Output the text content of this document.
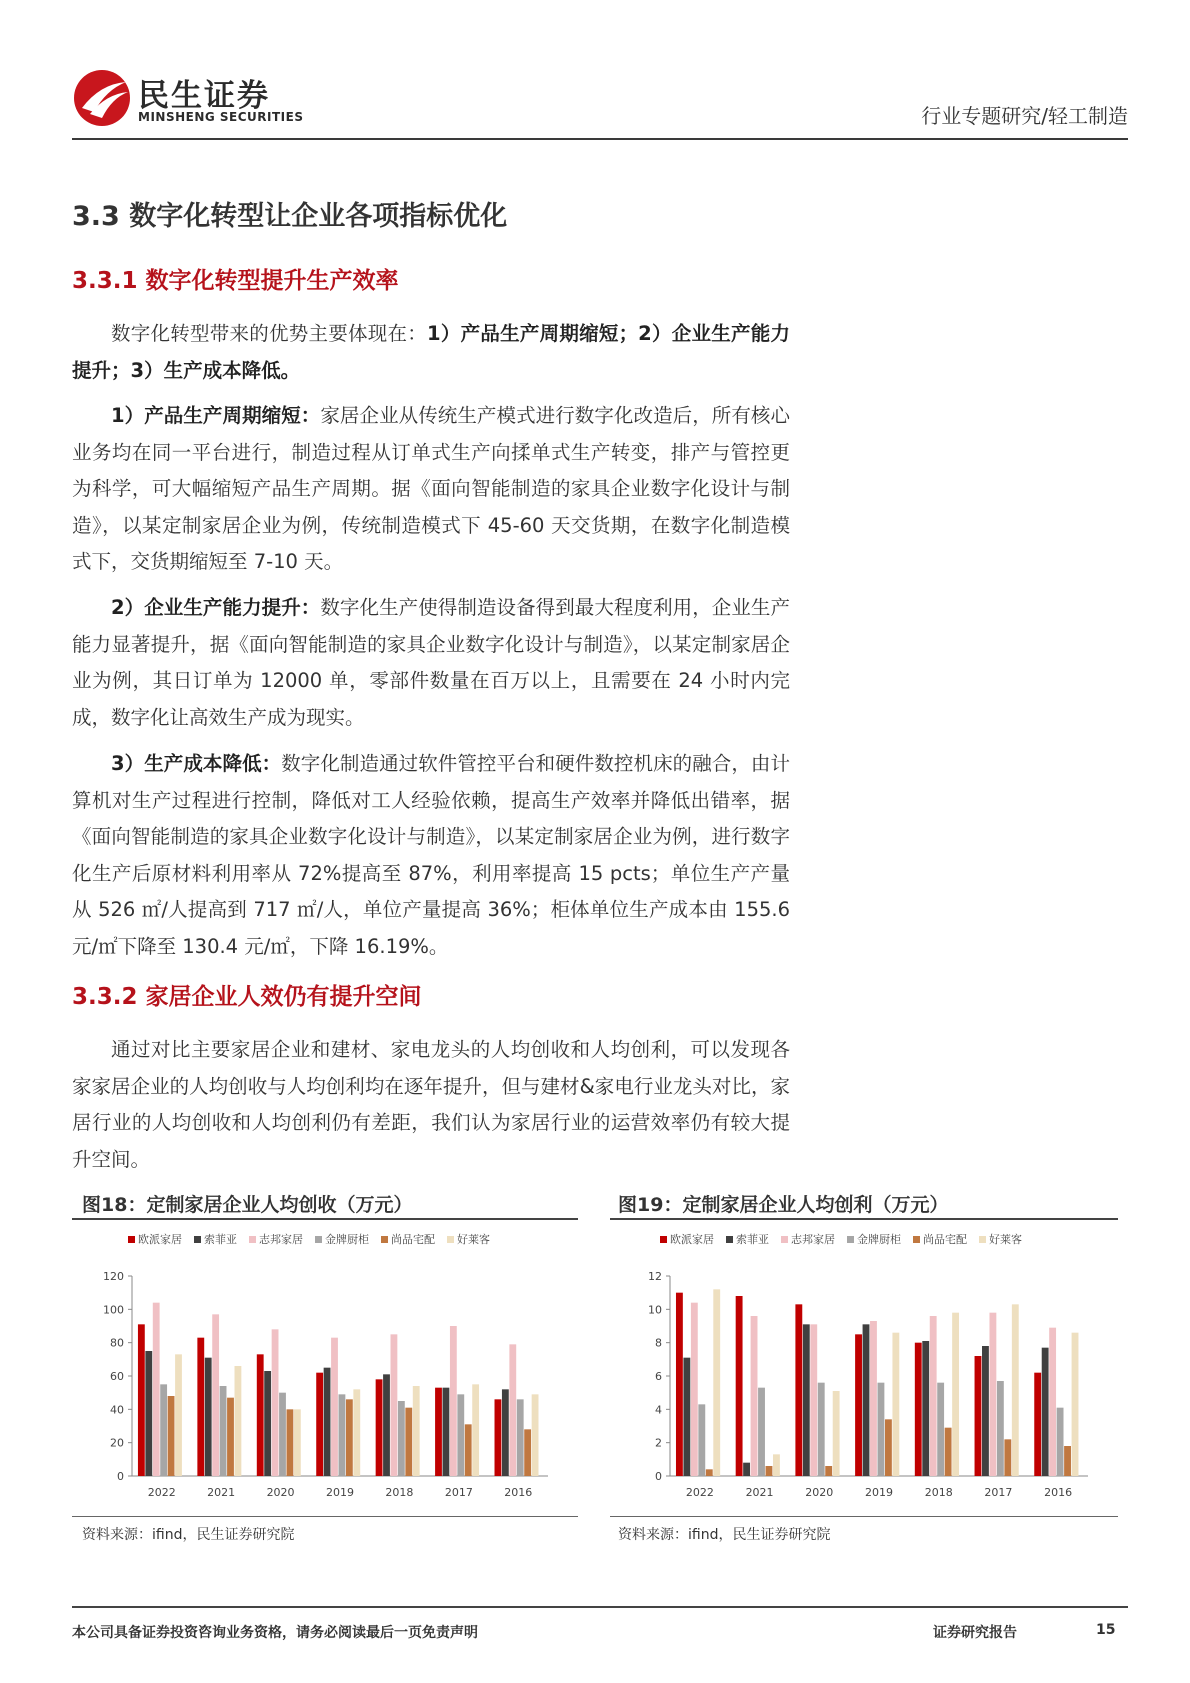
民生证券
MINSHENG SECURITIES	行业专题研究/轻工制造
3.3 数字化转型让企业各项指标优化
3.3.1 数字化转型提升生产效率

数字化转型带来的优势主要体现在：1）产品生产周期缩短；2）企业生产能力提升；3）生产成本降低。

1）产品生产周期缩短：家居企业从传统生产模式进行数字化改造后，所有核心业务均在同一平台进行，制造过程从订单式生产向揉单式生产转变，排产与管控更为科学，可大幅缩短产品生产周期。据《面向智能制造的家具企业数字化设计与制造》，以某定制家居企业为例，传统制造模式下 45-60 天交货期，在数字化制造模式下，交货期缩短至 7-10 天。

2）企业生产能力提升：数字化生产使得制造设备得到最大程度利用，企业生产能力显著提升，据《面向智能制造的家具企业数字化设计与制造》，以某定制家居企业为例，其日订单为 12000 单，零部件数量在百万以上，且需要在 24 小时内完成，数字化让高效生产成为现实。

3）生产成本降低：数字化制造通过软件管控平台和硬件数控机床的融合，由计算机对生产过程进行控制，降低对工人经验依赖，提高生产效率并降低出错率，据《面向智能制造的家具企业数字化设计与制造》，以某定制家居企业为例，进行数字化生产后原材料利用率从 72%提高至 87%，利用率提高 15 pcts；单位生产产量从 526 ㎡/人提高到 717 ㎡/人，单位产量提高 36%；柜体单位生产成本由 155.6 元/㎡下降至 130.4 元/㎡，下降 16.19%。

3.3.2 家居企业人效仍有提升空间

通过对比主要家居企业和建材、家电龙头的人均创收和人均创利，可以发现各家家居企业的人均创收与人均创利均在逐年提升，但与建材&家电行业龙头对比，家居行业的人均创收和人均创利仍有差距，我们认为家居行业的运营效率仍有较大提升空间。

图18：定制家居企业人均创收（万元）
欧派家居 索菲亚 志邦家居 金牌厨柜 尚品宅配 好莱客
0
20
40
60
80
100
120
2022	2021	2020	2019	2018	2017	2016
资料来源：ifind，民生证券研究院
图19：定制家居企业人均创利（万元）
欧派家居 索菲亚 志邦家居 金牌厨柜 尚品宅配 好莱客
0
2
4
6
8
10
12
2022	2021	2020	2019	2018	2017	2016
资料来源：ifind，民生证券研究院
本公司具备证券投资咨询业务资格，请务必阅读最后一页免责声明	证券研究报告	15
